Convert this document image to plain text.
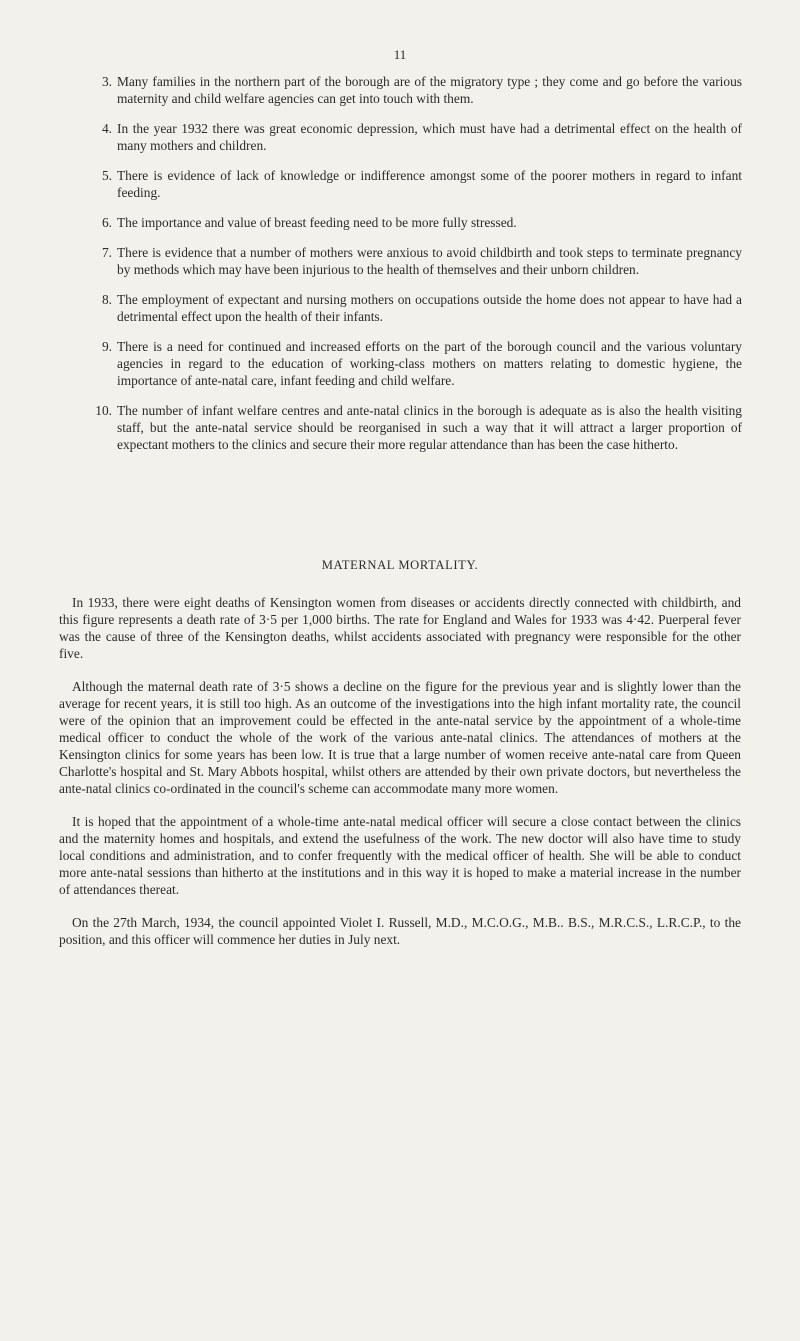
11
3. Many families in the northern part of the borough are of the migratory type ; they come and go before the various maternity and child welfare agencies can get into touch with them.
4. In the year 1932 there was great economic depression, which must have had a detrimental effect on the health of many mothers and children.
5. There is evidence of lack of knowledge or indifference amongst some of the poorer mothers in regard to infant feeding.
6. The importance and value of breast feeding need to be more fully stressed.
7. There is evidence that a number of mothers were anxious to avoid childbirth and took steps to terminate pregnancy by methods which may have been injurious to the health of themselves and their unborn children.
8. The employment of expectant and nursing mothers on occupations outside the home does not appear to have had a detrimental effect upon the health of their infants.
9. There is a need for continued and increased efforts on the part of the borough council and the various voluntary agencies in regard to the education of working-class mothers on matters relating to domestic hygiene, the importance of ante-natal care, infant feeding and child welfare.
10. The number of infant welfare centres and ante-natal clinics in the borough is adequate as is also the health visiting staff, but the ante-natal service should be reorganised in such a way that it will attract a larger proportion of expectant mothers to the clinics and secure their more regular attendance than has been the case hitherto.
MATERNAL MORTALITY.

In 1933, there were eight deaths of Kensington women from diseases or accidents directly connected with childbirth, and this figure represents a death rate of 3·5 per 1,000 births. The rate for England and Wales for 1933 was 4·42. Puerperal fever was the cause of three of the Kensington deaths, whilst accidents associated with pregnancy were responsible for the other five.

Although the maternal death rate of 3·5 shows a decline on the figure for the previous year and is slightly lower than the average for recent years, it is still too high. As an outcome of the investigations into the high infant mortality rate, the council were of the opinion that an improvement could be effected in the ante-natal service by the appointment of a whole-time medical officer to conduct the whole of the work of the various ante-natal clinics. The attendances of mothers at the Kensington clinics for some years has been low. It is true that a large number of women receive ante-natal care from Queen Charlotte's hospital and St. Mary Abbots hospital, whilst others are attended by their own private doctors, but nevertheless the ante-natal clinics co-ordinated in the council's scheme can accommodate many more women.

It is hoped that the appointment of a whole-time ante-natal medical officer will secure a close contact between the clinics and the maternity homes and hospitals, and extend the usefulness of the work. The new doctor will also have time to study local conditions and administration, and to confer frequently with the medical officer of health. She will be able to conduct more ante-natal sessions than hitherto at the institutions and in this way it is hoped to make a material increase in the number of attendances thereat.

On the 27th March, 1934, the council appointed Violet I. Russell, M.D., M.C.O.G., M.B.. B.S., M.R.C.S., L.R.C.P., to the position, and this officer will commence her duties in July next.
